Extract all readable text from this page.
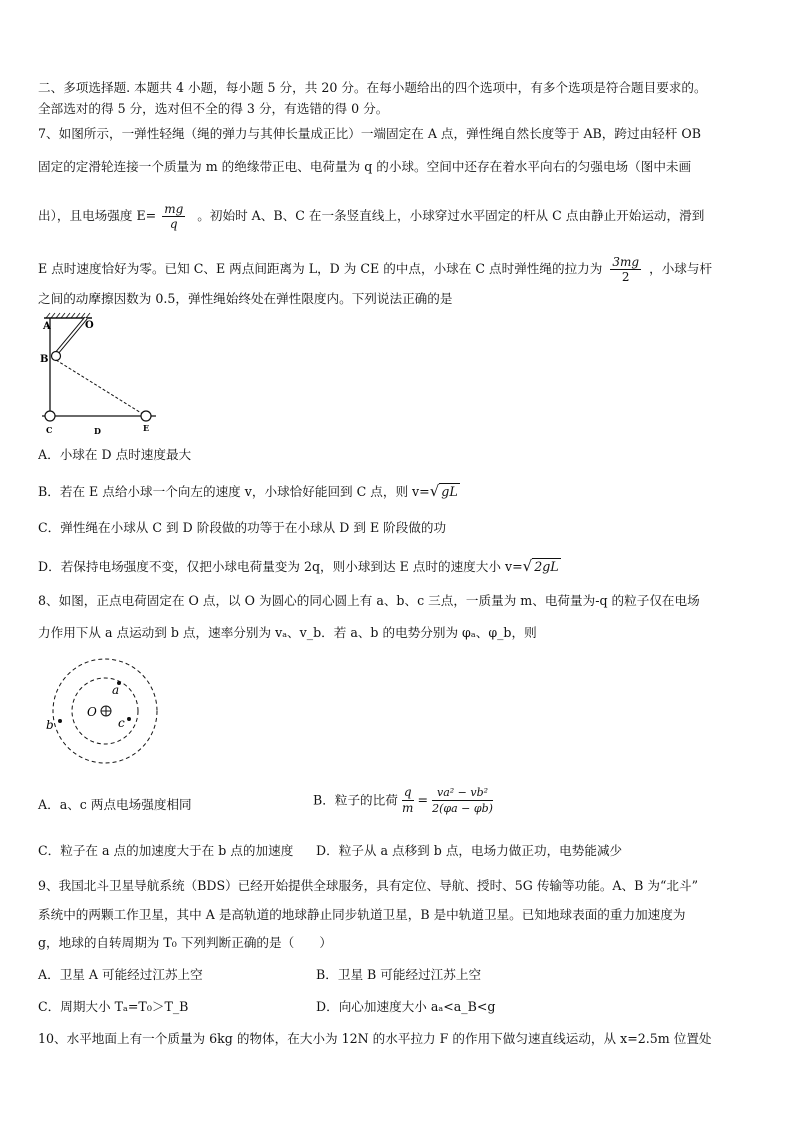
二、多项选择题. 本题共 4 小题，每小题 5 分，共 20 分。在每小题给出的四个选项中，有多个选项是符合题目要求的。
全部选对的得 5 分，选对但不全的得 3 分，有选错的得 0 分。
7、如图所示，一弹性轻绳（绳的弹力与其伸长量成正比）一端固定在 A 点，弹性绳自然长度等于 AB，跨过由轻杆 OB
固定的定滑轮连接一个质量为 m 的绝缘带正电、电荷量为 q 的小球。空间中还存在着水平向右的匀强电场（图中未画
出），且电场强度 $E= \frac{mg}{q}$ 。初始时 A、B、C 在一条竖直线上，小球穿过水平固定的杆从 C 点由静止开始运动，滑到
E 点时速度恰好为零。已知 C、E 两点间距离为 L，D 为 CE 的中点，小球在 C 点时弹性绳的拉力为 $\frac{3mg}{2}$ ，小球与杆
之间的动摩擦因数为 0.5，弹性绳始终处在弹性限度内。下列说法正确的是
A	O
B
C	D	E
A．小球在 D 点时速度最大
B．若在 E 点给小球一个向左的速度 v，小球恰好能回到 C 点，则 v=√ gL
C．弹性绳在小球从 C 到 D 阶段做的功等于在小球从 D 到 E 阶段做的功
D．若保持电场强度不变，仅把小球电荷量变为 2q，则小球到达 E 点时的速度大小 v=√ 2gL
8、如图，正点电荷固定在 O 点，以 O 为圆心的同心圆上有 a、b、c 三点，一质量为 m、电荷量为-q 的粒子仅在电场
力作用下从 a 点运动到 b 点，速率分别为 vₐ、v_b．若 a、b 的电势分别为 φₐ、φ_b，则
O
a
b	c
A．a、c 两点电场强度相同	B．粒子的比荷 $\frac{q}{m} = \frac{\text{va² − vb²}}{2(\varphi a - \varphi b)}$
C．粒子在 a 点的加速度大于在 b 点的加速度 D．粒子从 a 点移到 b 点，电场力做正功，电势能减少
9、我国北斗卫星导航系统（BDS）已经开始提供全球服务，具有定位、导航、授时、5G 传输等功能。A、B 为“北斗”
系统中的两颗工作卫星，其中 A 是高轨道的地球静止同步轨道卫星，B 是中轨道卫星。已知地球表面的重力加速度为
g，地球的自转周期为 T₀ 下列判断正确的是（　　）
A．卫星 A 可能经过江苏上空	B．卫星 B 可能经过江苏上空
C．周期大小 Tₐ=T₀＞T_B	D．向心加速度大小 aₐ<a_B<g
10、水平地面上有一个质量为 6kg 的物体，在大小为 12N 的水平拉力 F 的作用下做匀速直线运动，从 x=2.5m 位置处
